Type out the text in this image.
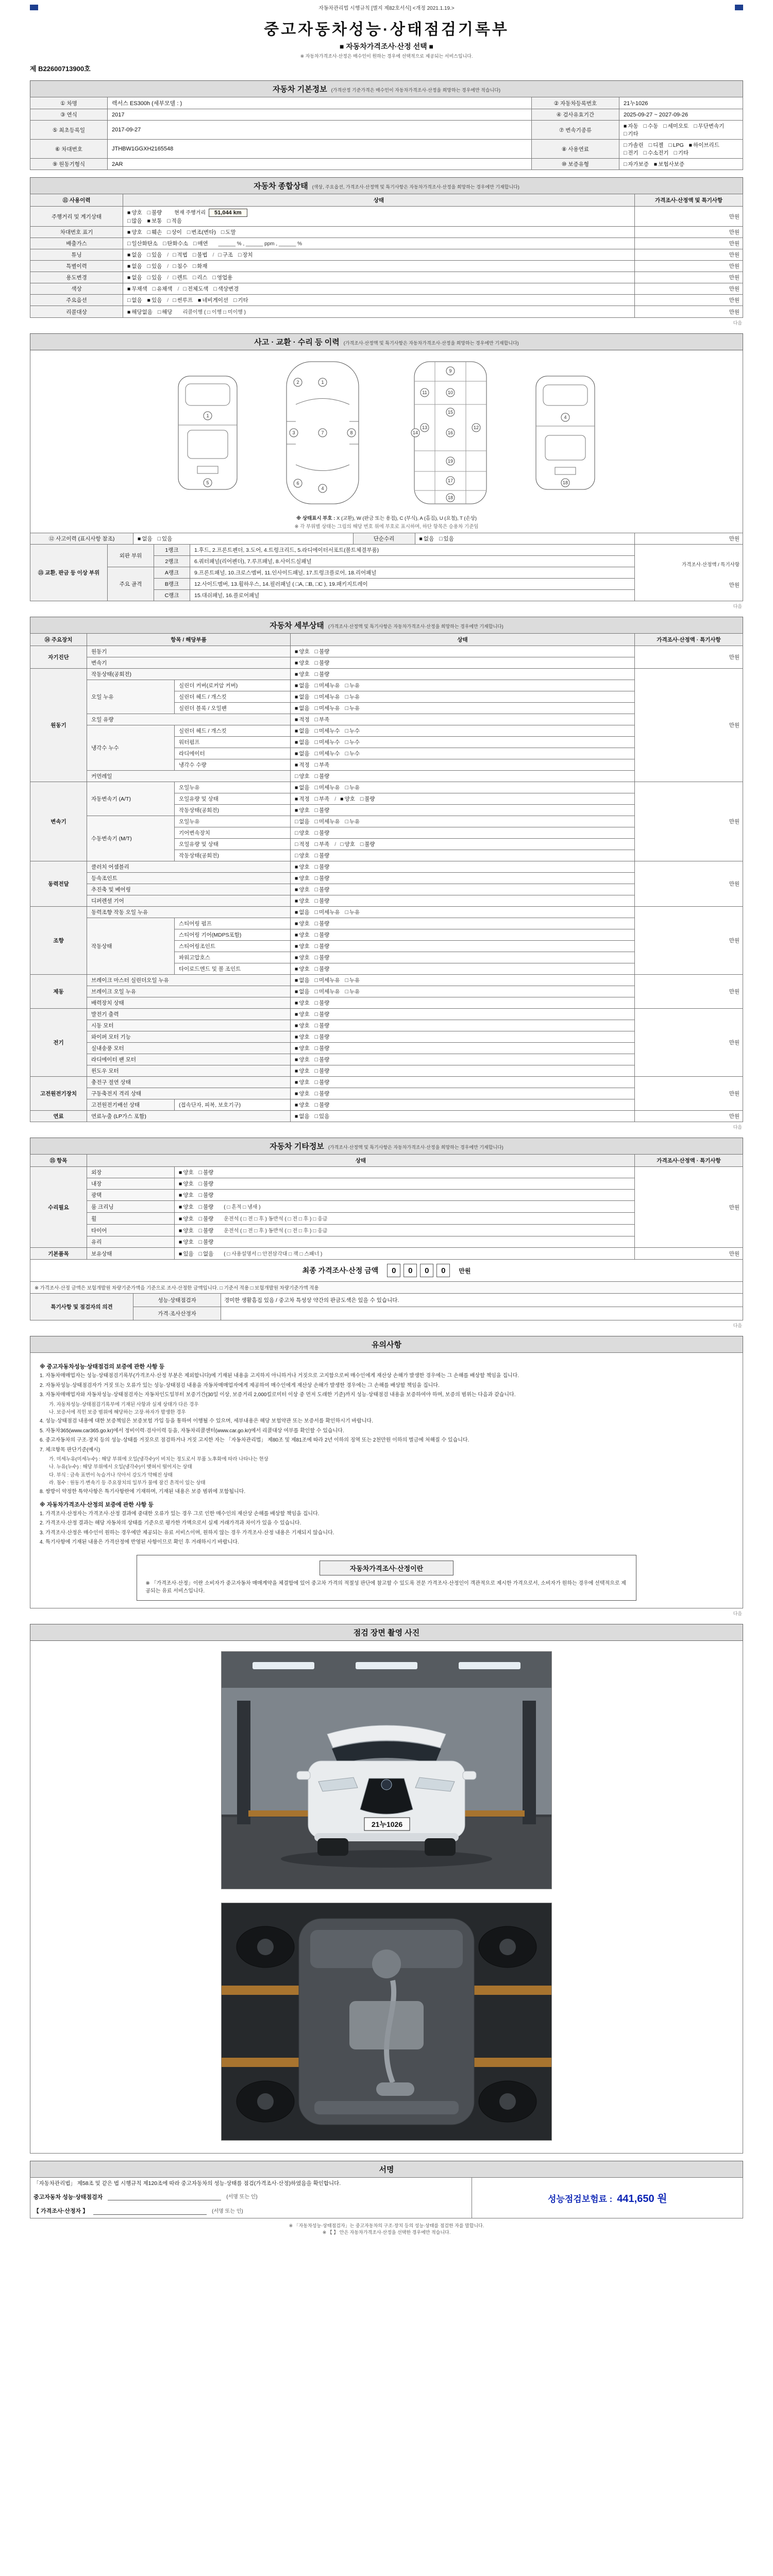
자동차관리법 시행규칙 [별지 제82호서식] <개정 2021.1.19.>
중고자동차성능·상태점검기록부
■ 자동차가격조사·산정 선택 ■
※ 자동차가격조사·산정은 매수인이 원하는 경우에 선택적으로 제공되는 서비스입니다.
제 B22600713900호
자동차 기본정보 (가격산정 기준가격은 매수인이 자동차가격조사·산정을 희망하는 경우에만 적습니다)
① 차명	렉서스 ES300h (세부모델 : )	② 자동차등록번호	21누1026
③ 연식	2017	④ 검사유효기간	2025-09-27 ~ 2027-09-26
⑤ 최초등록일	2017-09-27	⑦ 변속기종류	■ 자동 □ 수동 □ 세미오토 □ 무단변속기□ 기타
⑥ 차대번호	JTHBW1GGXH2165548	⑧ 사용연료	□ 가솔린 □ 디젤 □ LPG ■ 하이브리드□ 전기 □ 수소전기 □ 기타
⑨ 원동기형식	2AR	⑩ 보증유형	□ 자가보증 ■ 보험사보증
자동차 종합상태 (색상, 주요옵션, 가격조사·산정액 및 특기사항은 자동차가격조사·산정을 희망하는 경우에만 기재합니다)
⑪ 사용이력	상태	가격조사·산정액 및 특기사항
주행거리 및 계기상태	■ 양호 □ 불량 현재 주행거리 51,044 km
□ 많음 ■ 보통 □ 적음	만원
차대번호 표기	■ 양호 □ 훼손 □ 상이 □ 변조(변타) □ 도말	만원
배출가스	□ 일산화탄소 □ 탄화수소 □ 매연 ______ % , ______ ppm , ______ %	만원
튜닝	■ 없음 □ 있음 / □ 적법 □ 불법 / □ 구조 □ 장치	만원
특별이력	■ 없음 □ 있음 / □ 침수 □ 화재	만원
용도변경	■ 없음 □ 있음 / □ 렌트 □ 리스 □ 영업용	만원
색상	■ 무채색 □ 유채색 / □ 전체도색 □ 색상변경	만원
주요옵션	□ 없음 ■ 있음 / □ 썬루프 ■ 네비게이션 □ 기타	만원
리콜대상	■ 해당없음 □ 해당 리콜이행 ( □ 이행 □ 미이행 )	만원
다음
사고 · 교환 · 수리 등 이력 (가격조사·산정액 및 특기사항은 자동차가격조사·산정을 희망하는 경우에만 기재합니다)
1
5
1
2
3	7
6
4
8
9
10
11
13
15
16
12
14
19
17
18
4
18
※ 상태표시 부호 : X (교환), W (판금 또는 용접), C (부식), A (흠집), U (요철), T (손상)
※ 각 부위별 상태는 그림의 해당 번호 위에 부호로 표시하며, 하단 항목은 승용차 기준임
⑫ 사고이력 (표시사항 참조)	■ 없음 □ 있음	단순수리	■ 없음 □ 있음	만원
⑬ 교환, 판금 등 이상 부위	외판 부위	1랭크	1.후드, 2.프론트펜더, 3.도어, 4.트렁크리드, 5.라디에이터서포트(볼트체결부품)	가격조사·산정액 / 특기사항
만원

		2랭크	6.쿼터패널(리어펜더), 7.루프패널, 8.사이드실패널	
	주요 골격	A랭크	9.프론트패널, 10.크로스멤버, 11.인사이드패널, 17.트렁크플로어, 18.리어패널	
		B랭크	12.사이드멤버, 13.휠하우스, 14.필러패널 ( □A, □B, □C ), 19.패키지트레이	
		C랭크	15.대쉬패널, 16.플로어패널	
다음
자동차 세부상태 (가격조사·산정액 및 특기사항은 자동차가격조사·산정을 희망하는 경우에만 기재합니다)
⑭ 주요장치	항목 / 해당부품		상태	가격조사·산정액 · 특기사항
자기진단	원동기		■ 양호 □ 불량	만원
	변속기		■ 양호 □ 불량	
원동기	작동상태(공회전)		■ 양호 □ 불량	만원
	오일 누유	실린더 커버(로커암 커버)	■ 없음 □ 미세누유 □ 누유	
		실린더 헤드 / 개스킷	■ 없음 □ 미세누유 □ 누유	
		실린더 블록 / 오일팬	■ 없음 □ 미세누유 □ 누유	
	오일 유량		■ 적정 □ 부족	
	냉각수 누수	실린더 헤드 / 개스킷	■ 없음 □ 미세누수 □ 누수	
		워터펌프	■ 없음 □ 미세누수 □ 누수	
		라디에이터	■ 없음 □ 미세누수 □ 누수	
		냉각수 수량	■ 적정 □ 부족	
	커먼레일		□ 양호 □ 불량	
변속기	자동변속기 (A/T)	오일누유	■ 없음 □ 미세누유 □ 누유	만원
		오일유량 및 상태	■ 적정 □ 부족 / ■ 양호 □ 불량	
		작동상태(공회전)	■ 양호 □ 불량	
	수동변속기 (M/T)	오일누유	□ 없음 □ 미세누유 □ 누유	
		기어변속장치	□ 양호 □ 불량	
		오일유량 및 상태	□ 적정 □ 부족 / □ 양호 □ 불량	
		작동상태(공회전)	□ 양호 □ 불량	
동력전달	클러치 어셈블리		■ 양호 □ 불량	만원
	등속조인트		■ 양호 □ 불량	
	추진축 및 베어링		■ 양호 □ 불량	
	디퍼렌셜 기어		■ 양호 □ 불량	
조향	동력조향 작동 오일 누유		■ 없음 □ 미세누유 □ 누유	만원
	작동상태	스티어링 펌프	■ 양호 □ 불량	
		스티어링 기어(MDPS포함)	■ 양호 □ 불량	
		스티어링조인트	■ 양호 □ 불량	
		파워고압호스	■ 양호 □ 불량	
		타이로드엔드 및 볼 조인트	■ 양호 □ 불량	
제동	브레이크 마스터 실린더오일 누유		■ 없음 □ 미세누유 □ 누유	만원
	브레이크 오일 누유		■ 없음 □ 미세누유 □ 누유	
	배력장치 상태		■ 양호 □ 불량	
전기	발전기 출력		■ 양호 □ 불량	만원
	시동 모터		■ 양호 □ 불량	
	와이퍼 모터 기능		■ 양호 □ 불량	
	실내송풍 모터		■ 양호 □ 불량	
	라디에이터 팬 모터		■ 양호 □ 불량	
	윈도우 모터		■ 양호 □ 불량	
고전원전기장치	충전구 절연 상태		■ 양호 □ 불량	만원
	구동축전지 격리 상태		■ 양호 □ 불량	
	고전원전기배선 상태	(접속단자, 피복, 보호기구)	■ 양호 □ 불량	
연료	연료누출 (LP가스 포함)		■ 없음 □ 있음	만원
다음
자동차 기타정보 (가격조사·산정액 및 특기사항은 자동차가격조사·산정을 희망하는 경우에만 기재합니다)
⑮ 항목	상태		가격조사·산정액 · 특기사항
수리필요	외장	■ 양호 □ 불량	만원
	내장	■ 양호 □ 불량	
	광택	■ 양호 □ 불량	
	룸 크리닝	■ 양호 □ 불량 ( □ 흔적 □ 냄새 )	
	휠	■ 양호 □ 불량 운전석 ( □ 전 □ 후 ) 동반석 ( □ 전 □ 후 ) □ 응급	
	타이어	■ 양호 □ 불량 운전석 ( □ 전 □ 후 ) 동반석 ( □ 전 □ 후 ) □ 응급	
	유리	■ 양호 □ 불량	
기본품목	보유상태	■ 있음 □ 없음 ( □ 사용설명서 □ 안전삼각대 □ 잭 □ 스패너 )	만원
최종 가격조사·산정 금액	0 0 0 0	만원
※ 가격조사·산정 금액은 보험개발원 차량기준가액을 기준으로 조사·산정한 금액입니다. □ 기준서 적용 □ 보험개발원 차량기준가액 적용
특기사항 및 점검자의 의견	성능·상태점검자	경미한 생활흠집 있음 / 중고차 특성상 약간의 판금도색은 있을 수 있습니다.
	가격·조사산정자	
다음
유의사항
※ 중고자동차성능·상태점검의 보증에 관한 사항 등

1. 자동차매매업자는 성능·상태점검기록부(가격조사·산정 부분은 제외합니다)에 기재된 내용을 고지하지 아니하거나 거짓으로 고지함으로써 매수인에게 재산상 손해가 발생한 경우에는 그 손해를 배상할 책임을 집니다.

2. 자동차성능·상태점검자가 거짓 또는 오류가 있는 성능·상태점검 내용을 자동차매매업자에게 제공하여 매수인에게 재산상 손해가 발생한 경우에는 그 손해를 배상할 책임을 집니다.

3. 자동차매매업자와 자동차성능·상태점검자는 자동차인도일부터 보증기간(30일 이상, 보증거리 2,000킬로미터 이상 중 먼저 도래한 기준)까지 성능·상태점검 내용을 보증하여야 하며, 보증의 범위는 다음과 같습니다.

가. 자동차성능·상태점검기록부에 기재된 사항과 실제 상태가 다른 경우

나. 보증서에 적힌 보증 범위에 해당하는 고장·하자가 발생한 경우

4. 성능·상태점검 내용에 대한 보증책임은 보증보험 가입 등을 통하여 이행될 수 있으며, 세부내용은 해당 보험약관 또는 보증서를 확인하시기 바랍니다.

5. 자동차365(www.car365.go.kr)에서 정비이력·검사이력 등을, 자동차리콜센터(www.car.go.kr)에서 리콜대상 여부를 확인할 수 있습니다.

6. 중고자동차의 구조·장치 등의 성능·상태를 거짓으로 점검하거나 거짓 고지한 자는 「자동차관리법」 제80조 및 제81조에 따라 2년 이하의 징역 또는 2천만원 이하의 벌금에 처해질 수 있습니다.

7. 체크항목 판단기준(예시)

가. 미세누유(미세누수) : 해당 부위에 오일(냉각수)이 비치는 정도로서 부품 노후화에 따라 나타나는 현상

나. 누유(누수) : 해당 부위에서 오일(냉각수)이 맺혀서 떨어지는 상태

다. 부식 : 금속 표면이 녹슬거나 삭아서 강도가 약해진 상태

라. 침수 : 원동기·변속기 등 주요장치의 일부가 물에 잠긴 흔적이 있는 상태

8. 쌍방이 약정한 특약사항은 특기사항란에 기재하며, 기재된 내용은 보증 범위에 포함됩니다.

※ 자동차가격조사·산정의 보증에 관한 사항 등

1. 가격조사·산정자는 가격조사·산정 결과에 중대한 오류가 있는 경우 그로 인한 매수인의 재산상 손해를 배상할 책임을 집니다.

2. 가격조사·산정 결과는 해당 자동차의 상태를 기준으로 평가한 가액으로서 실제 거래가격과 차이가 있을 수 있습니다.

3. 가격조사·산정은 매수인이 원하는 경우에만 제공되는 유료 서비스이며, 원하지 않는 경우 가격조사·산정 내용은 기재되지 않습니다.

4. 특기사항에 기재된 내용은 가격산정에 반영된 사항이므로 확인 후 거래하시기 바랍니다.

자동차가격조사·산정이란
※ 「가격조사·산정」이란 소비자가 중고자동차 매매계약을 체결함에 있어 중고차 가격의 적절성 판단에 참고할 수 있도록 전문 가격조사·산정인이 객관적으로 제시한 가격으로서, 소비자가 원하는 경우에 선택적으로 제공되는 유료 서비스입니다.
다음
점검 장면 촬영 사진
21누1026
서명
「자동차관리법」 제58조 및 같은 법 시행규칙 제120조에 따라 중고자동차의 성능·상태를 점검(가격조사·산정)하였음을 확인합니다.
중고자동차 성능·상태점검자	(서명 또는 인)
【 가격조사·산정자 】	(서명 또는 인)
	성능점검보험료 : 441,650 원
※ 「자동차성능·상태점검자」는 중고자동차의 구조·장치 등의 성능·상태를 점검한 자를 말합니다.
※ 【 】 안은 자동차가격조사·산정을 선택한 경우에만 적습니다.
